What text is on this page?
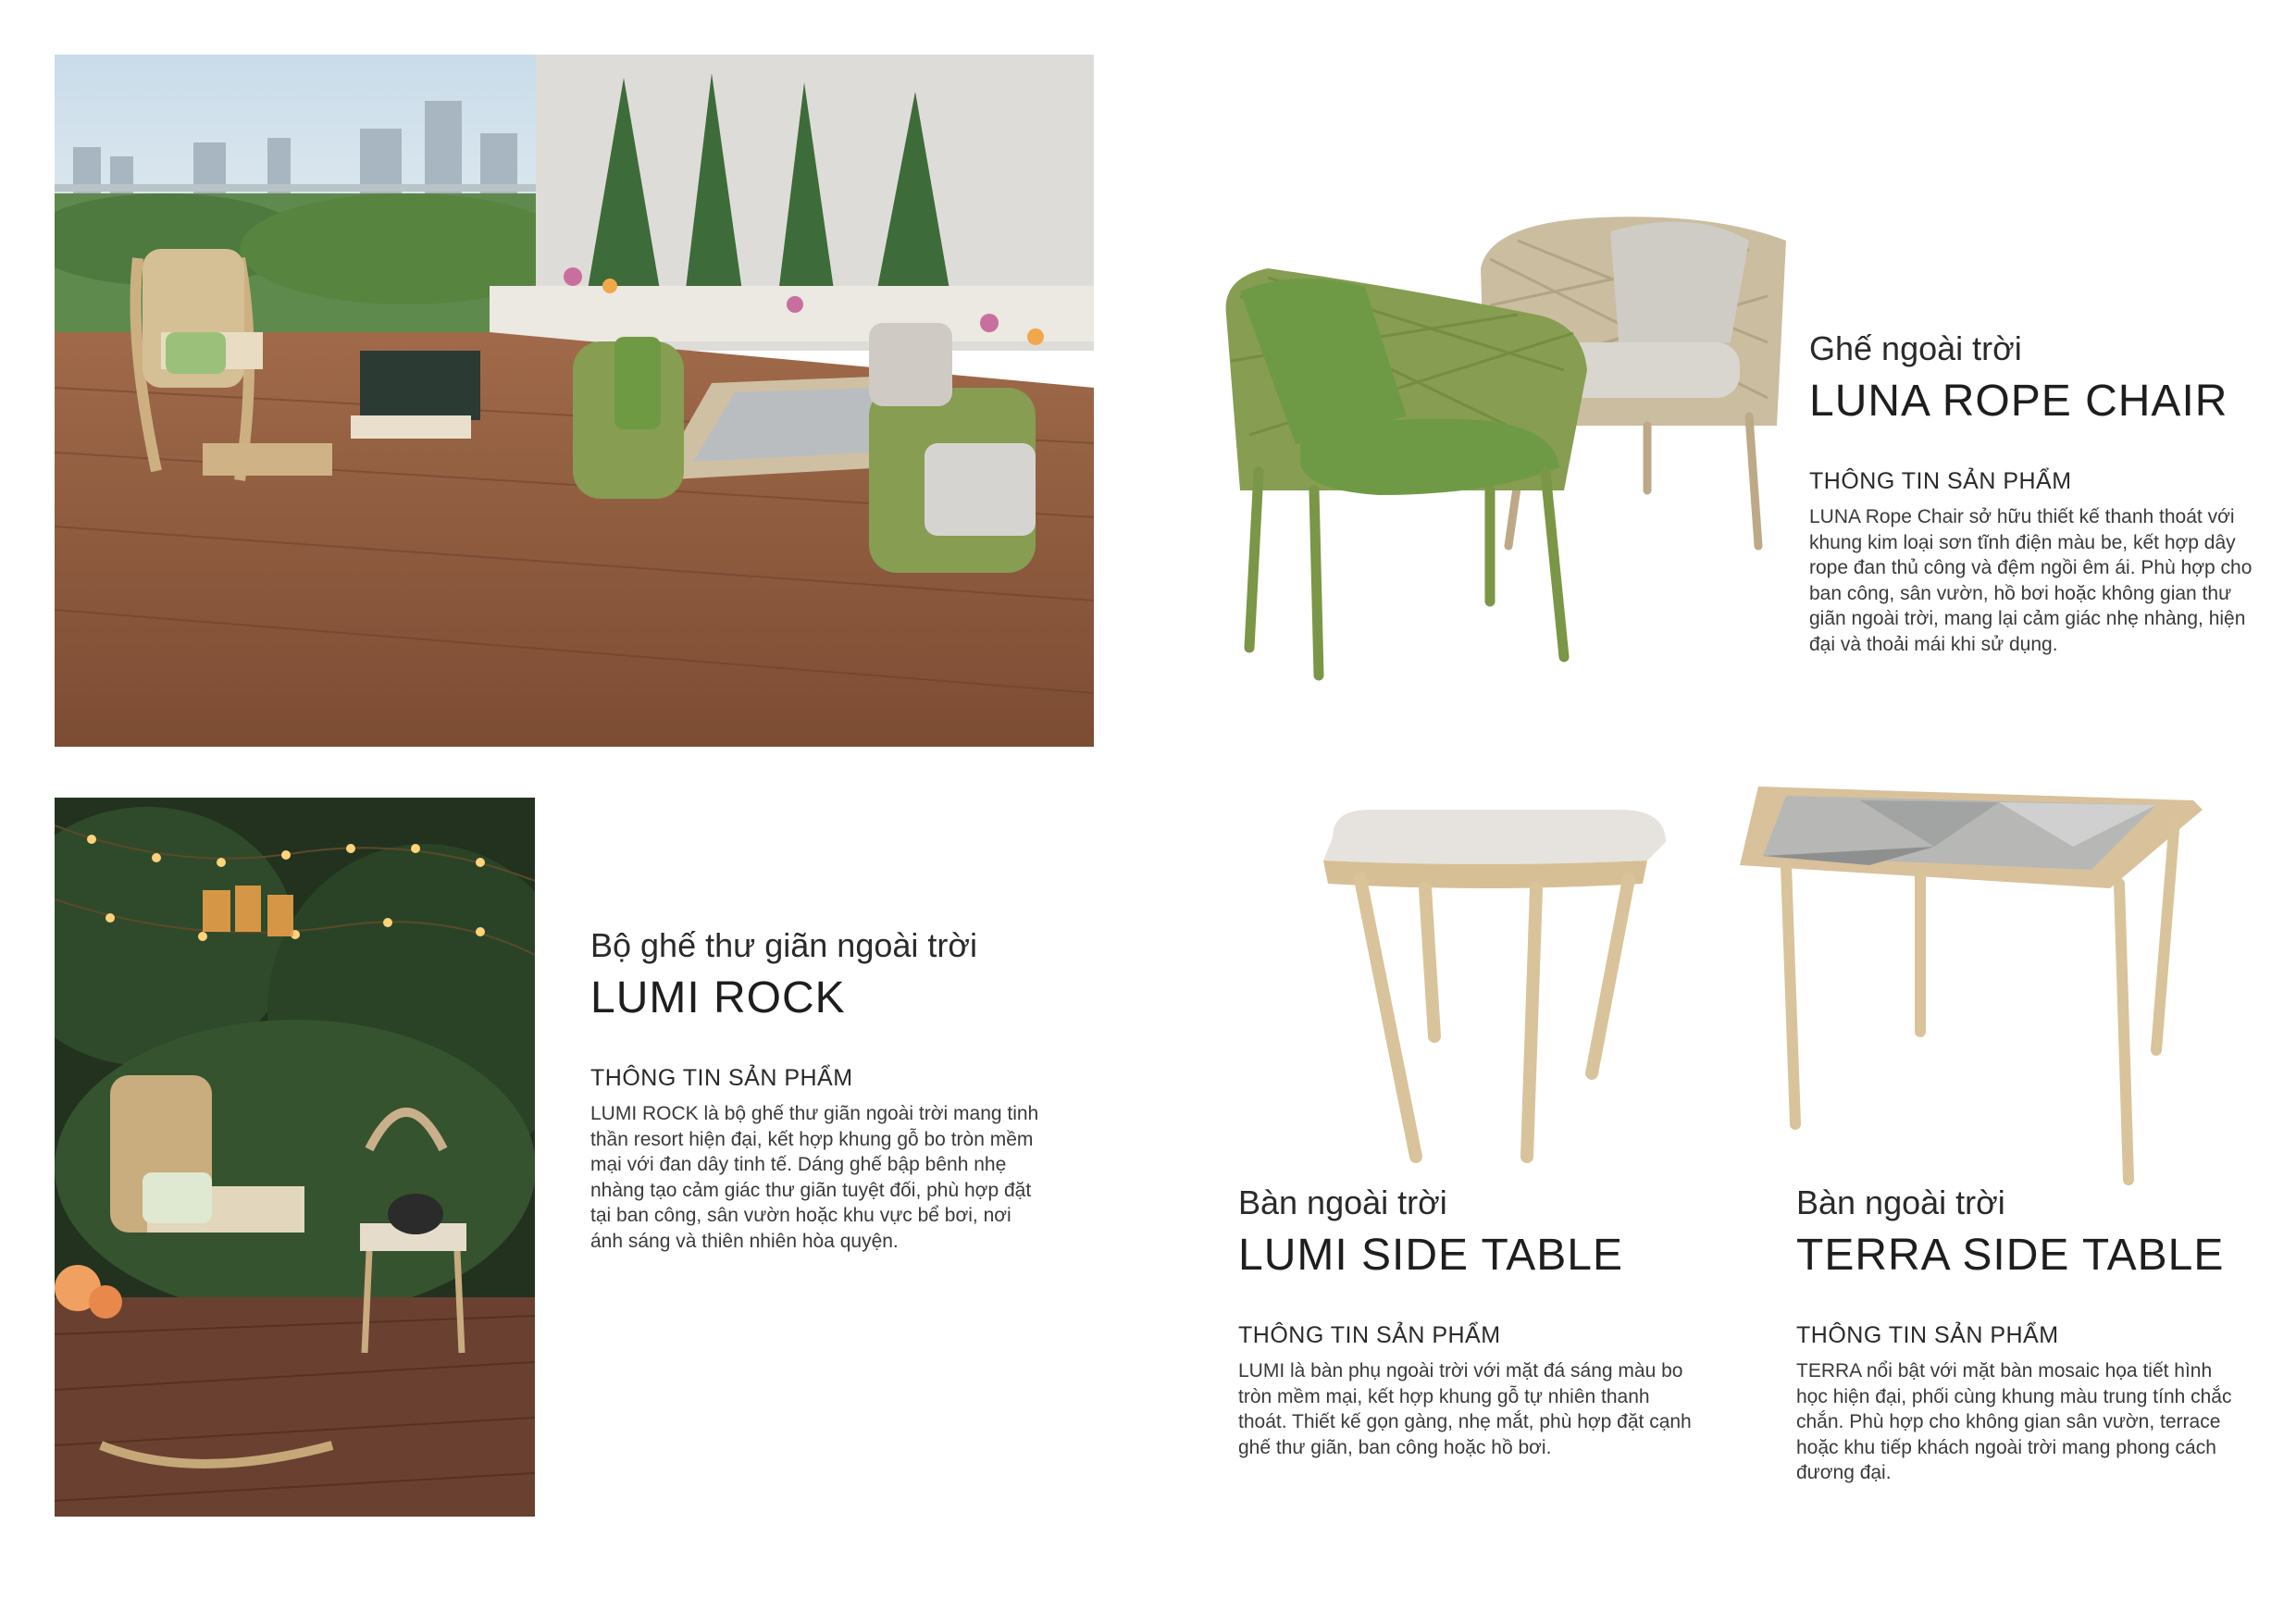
Ghế ngoài trời
LUNA ROPE CHAIR
THÔNG TIN SẢN PHẨM
LUNA Rope Chair sở hữu thiết kế thanh thoát với khung kim loại sơn tĩnh điện màu be, kết hợp dây rope đan thủ công và đệm ngồi êm ái. Phù hợp cho ban công, sân vườn, hồ bơi hoặc không gian thư giãn ngoài trời, mang lại cảm giác nhẹ nhàng, hiện đại và thoải mái khi sử dụng.
Bộ ghế thư giãn ngoài trời
LUMI ROCK
THÔNG TIN SẢN PHẨM
LUMI ROCK là bộ ghế thư giãn ngoài trời mang tinh thần resort hiện đại, kết hợp khung gỗ bo tròn mềm mại với đan dây tinh tế. Dáng ghế bập bênh nhẹ nhàng tạo cảm giác thư giãn tuyệt đối, phù hợp đặt tại ban công, sân vườn hoặc khu vực bể bơi, nơi ánh sáng và thiên nhiên hòa quyện.
Bàn ngoài trời
LUMI SIDE TABLE
THÔNG TIN SẢN PHẨM
LUMI là bàn phụ ngoài trời với mặt đá sáng màu bo tròn mềm mại, kết hợp khung gỗ tự nhiên thanh thoát. Thiết kế gọn gàng, nhẹ mắt, phù hợp đặt cạnh ghế thư giãn, ban công hoặc hồ bơi.
Bàn ngoài trời
TERRA SIDE TABLE
THÔNG TIN SẢN PHẨM
TERRA nổi bật với mặt bàn mosaic họa tiết hình học hiện đại, phối cùng khung màu trung tính chắc chắn. Phù hợp cho không gian sân vườn, terrace hoặc khu tiếp khách ngoài trời mang phong cách đương đại.
